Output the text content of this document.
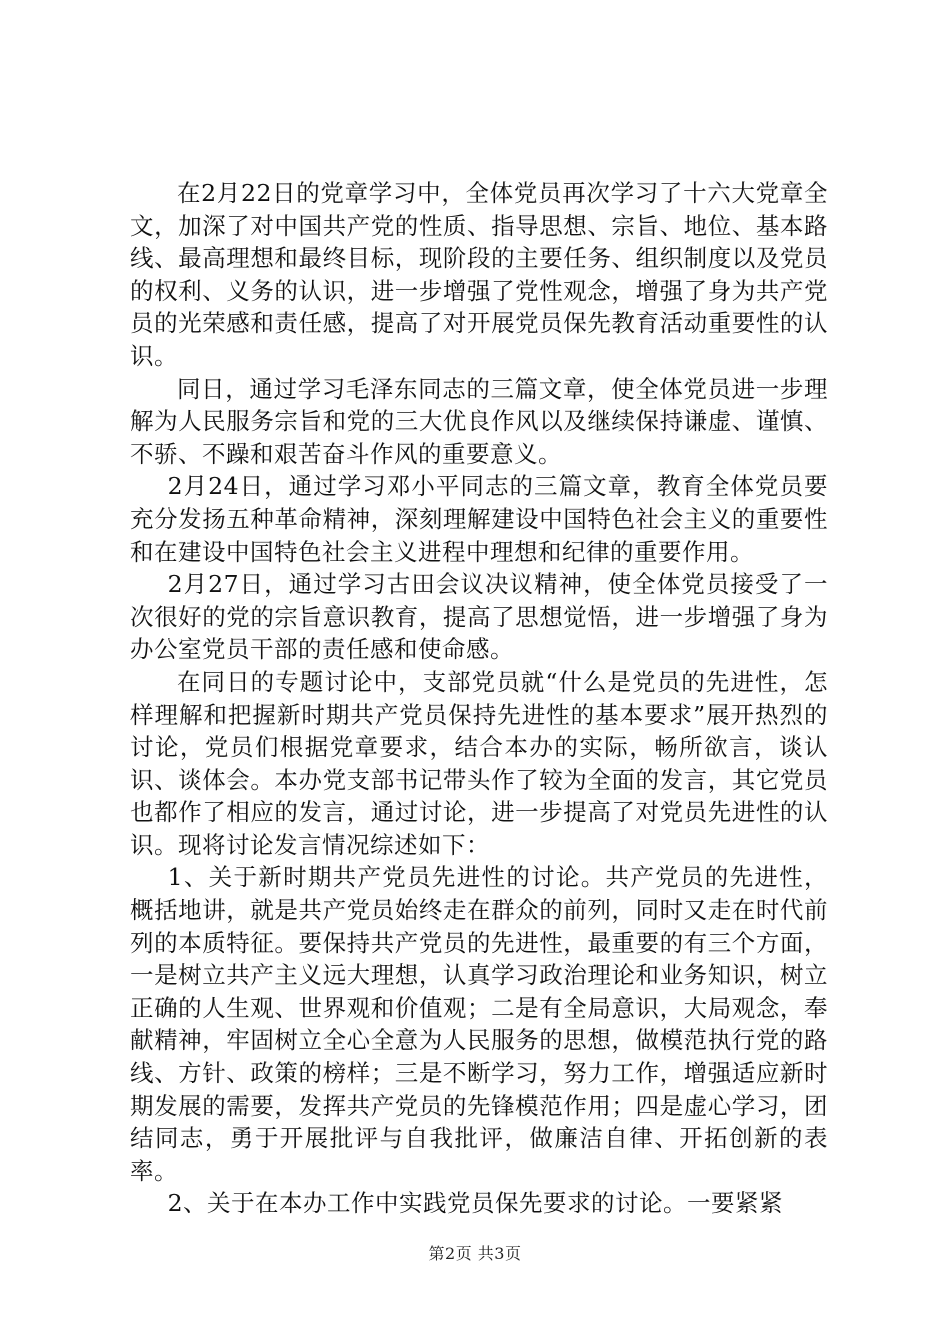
在2月22日的党章学习中，全体党员再次学习了十六大党章全文，加深了对中国共产党的性质、指导思想、宗旨、地位、基本路线、最高理想和最终目标，现阶段的主要任务、组织制度以及党员的权利、义务的认识，进一步增强了党性观念，增强了身为共产党员的光荣感和责任感，提高了对开展党员保先教育活动重要性的认识。

同日，通过学习毛泽东同志的三篇文章，使全体党员进一步理解为人民服务宗旨和党的三大优良作风以及继续保持谦虚、谨慎、不骄、不躁和艰苦奋斗作风的重要意义。

2月24日，通过学习邓小平同志的三篇文章，教育全体党员要充分发扬五种革命精神，深刻理解建设中国特色社会主义的重要性和在建设中国特色社会主义进程中理想和纪律的重要作用。

2月27日，通过学习古田会议决议精神，使全体党员接受了一次很好的党的宗旨意识教育，提高了思想觉悟，进一步增强了身为办公室党员干部的责任感和使命感。

在同日的专题讨论中，支部党员就“什么是党员的先进性，怎样理解和把握新时期共产党员保持先进性的基本要求”展开热烈的讨论，党员们根据党章要求，结合本办的实际，畅所欲言，谈认识、谈体会。本办党支部书记带头作了较为全面的发言，其它党员也都作了相应的发言，通过讨论，进一步提高了对党员先进性的认识。现将讨论发言情况综述如下：

1、关于新时期共产党员先进性的讨论。共产党员的先进性，概括地讲，就是共产党员始终走在群众的前列，同时又走在时代前列的本质特征。要保持共产党员的先进性，最重要的有三个方面，一是树立共产主义远大理想，认真学习政治理论和业务知识，树立正确的人生观、世界观和价值观；二是有全局意识，大局观念，奉献精神，牢固树立全心全意为人民服务的思想，做模范执行党的路线、方针、政策的榜样；三是不断学习，努力工作，增强适应新时期发展的需要，发挥共产党员的先锋模范作用；四是虚心学习，团结同志，勇于开展批评与自我批评，做廉洁自律、开拓创新的表率。

2、关于在本办工作中实践党员保先要求的讨论。一要紧紧

第2页 共3页
